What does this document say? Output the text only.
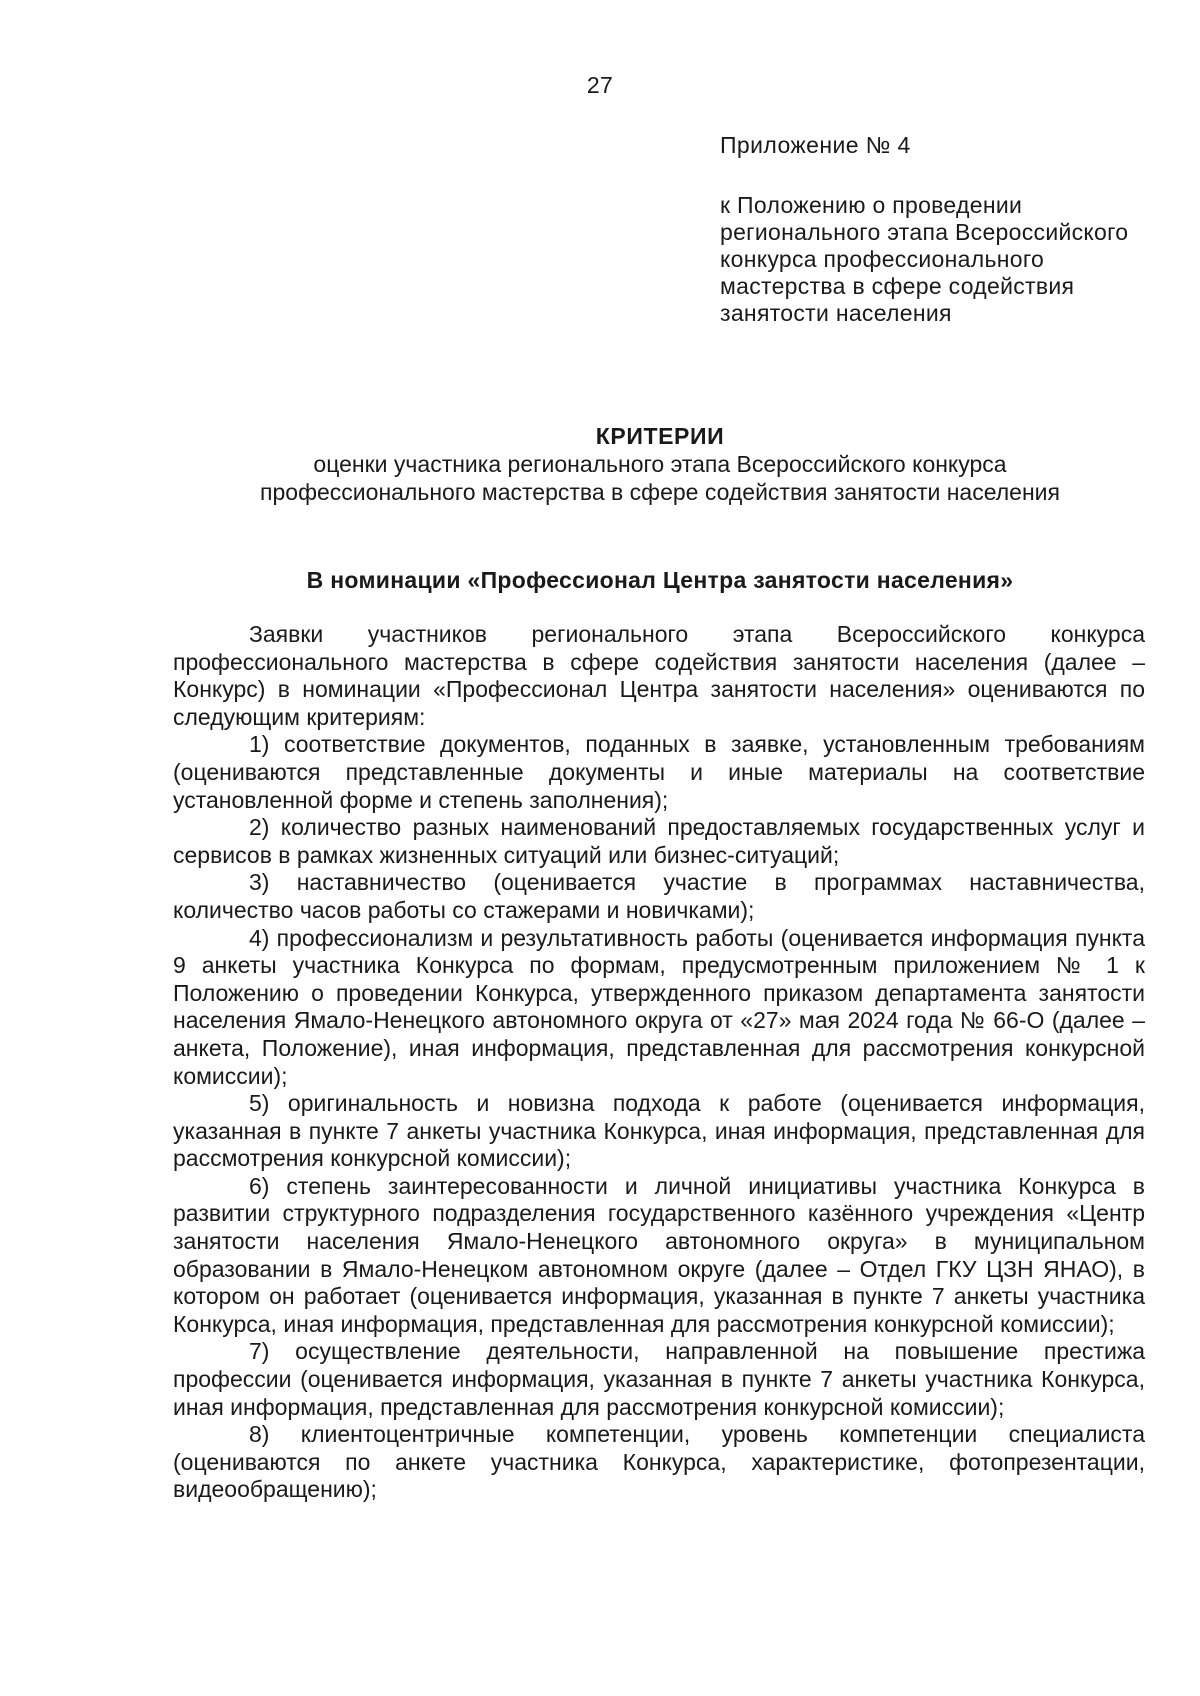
27
Приложение № 4
к Положению о проведении регионального этапа Всероссийского конкурса профессионального мастерства в сфере содействия занятости населения
КРИТЕРИИ
оценки участника регионального этапа Всероссийского конкурса
профессионального мастерства в сфере содействия занятости населения
В номинации «Профессионал Центра занятости населения»

Заявки участников регионального этапа Всероссийского конкурса профессионального мастерства в сфере содействия занятости населения (далее – Конкурс) в номинации «Профессионал Центра занятости населения» оцениваются по следующим критериям:

1) соответствие документов, поданных в заявке, установленным требованиям (оцениваются представленные документы и иные материалы на соответствие установленной форме и степень заполнения);

2) количество разных наименований предоставляемых государственных услуг и сервисов в рамках жизненных ситуаций или бизнес-ситуаций;

3) наставничество (оценивается участие в программах наставничества, количество часов работы со стажерами и новичками);

4) профессионализм и результативность работы (оценивается информация пункта 9 анкеты участника Конкурса по формам, предусмотренным приложением № 1 к Положению о проведении Конкурса, утвержденного приказом департамента занятости населения Ямало-Ненецкого автономного округа от «27» мая 2024 года № 66-О (далее – анкета, Положение), иная информация, представленная для рассмотрения конкурсной комиссии);

5) оригинальность и новизна подхода к работе (оценивается информация, указанная в пункте 7 анкеты участника Конкурса, иная информация, представленная для рассмотрения конкурсной комиссии);

6) степень заинтересованности и личной инициативы участника Конкурса в развитии структурного подразделения государственного казённого учреждения «Центр занятости населения Ямало-Ненецкого автономного округа» в муниципальном образовании в Ямало-Ненецком автономном округе (далее – Отдел ГКУ ЦЗН ЯНАО), в котором он работает (оценивается информация, указанная в пункте 7 анкеты участника Конкурса, иная информация, представленная для рассмотрения конкурсной комиссии);

7) осуществление деятельности, направленной на повышение престижа профессии (оценивается информация, указанная в пункте 7 анкеты участника Конкурса, иная информация, представленная для рассмотрения конкурсной комиссии);

8) клиентоцентричные компетенции, уровень компетенции специалиста (оцениваются по анкете участника Конкурса, характеристике, фотопрезентации, видеообращению);
